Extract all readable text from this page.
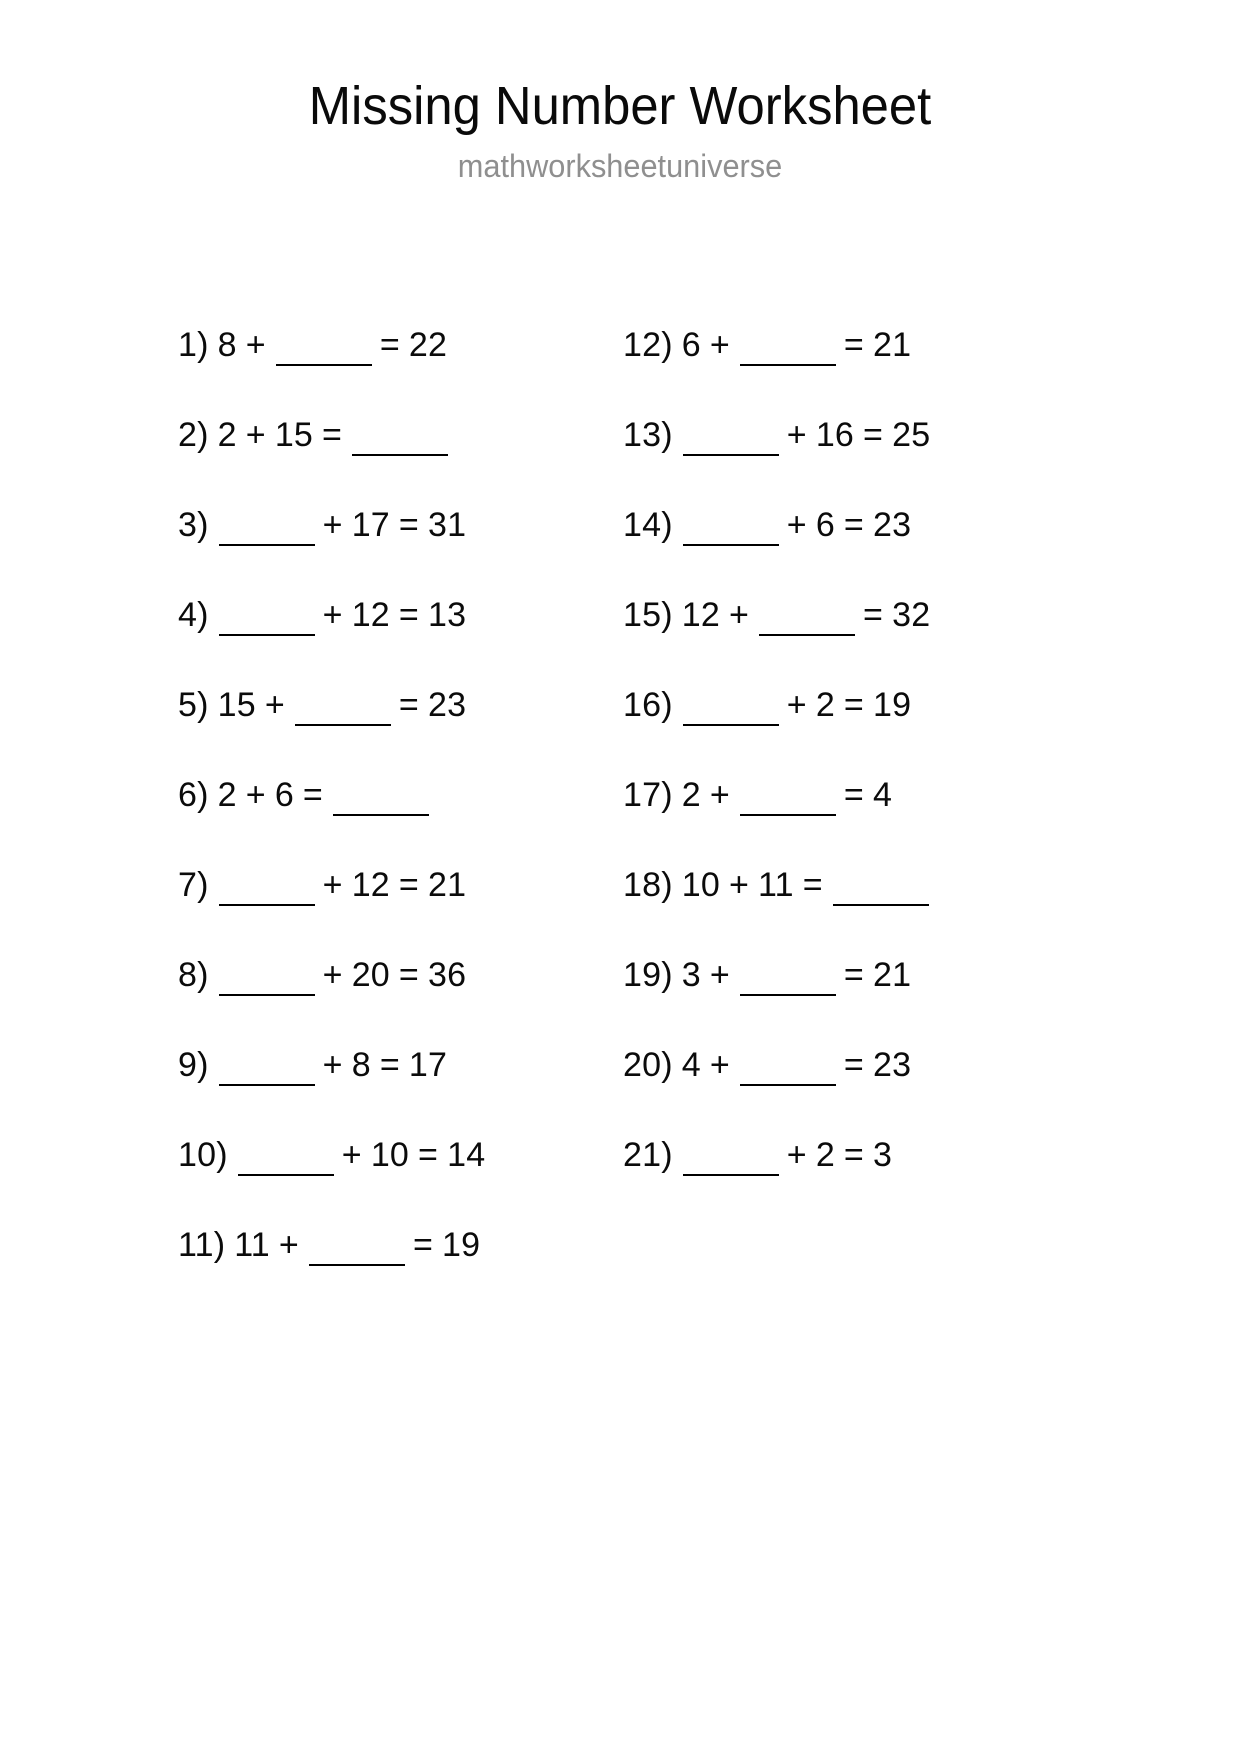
Missing Number Worksheet
mathworksheetuniverse
1) 8 +	= 22
2) 2 + 15 =
3)	+ 17 = 31
4)	+ 12 = 13
5) 15 +	= 23
6) 2 + 6 =
7)	+ 12 = 21
8)	+ 20 = 36
9)	+ 8 = 17
10)	+ 10 = 14
11) 11 +	= 19
12) 6 +	= 21
13)	+ 16 = 25
14)	+ 6 = 23
15) 12 +	= 32
16)	+ 2 = 19
17) 2 +	= 4
18) 10 + 11 =
19) 3 +	= 21
20) 4 +	= 23
21)	+ 2 = 3
